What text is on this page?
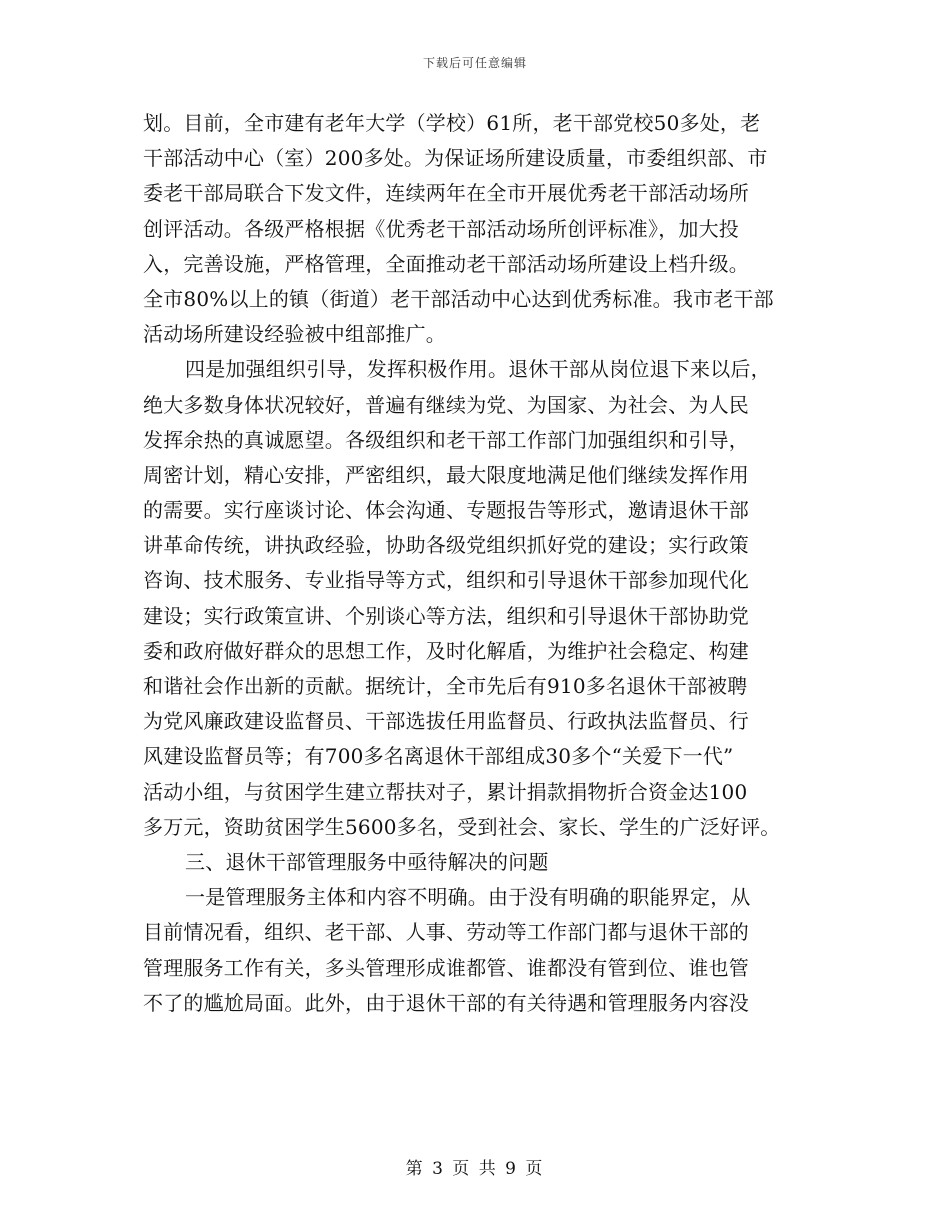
下载后可任意编辑
划。目前，全市建有老年大学（学校）61所，老干部党校50多处，老
干部活动中心（室）200多处。为保证场所建设质量，市委组织部、市
委老干部局联合下发文件，连续两年在全市开展优秀老干部活动场所
创评活动。各级严格根据《优秀老干部活动场所创评标准》，加大投
入，完善设施，严格管理，全面推动老干部活动场所建设上档升级。
全市80%以上的镇（街道）老干部活动中心达到优秀标准。我市老干部
活动场所建设经验被中组部推广。
四是加强组织引导，发挥积极作用。退休干部从岗位退下来以后，
绝大多数身体状况较好，普遍有继续为党、为国家、为社会、为人民
发挥余热的真诚愿望。各级组织和老干部工作部门加强组织和引导，
周密计划，精心安排，严密组织，最大限度地满足他们继续发挥作用
的需要。实行座谈讨论、体会沟通、专题报告等形式，邀请退休干部
讲革命传统，讲执政经验，协助各级党组织抓好党的建设；实行政策
咨询、技术服务、专业指导等方式，组织和引导退休干部参加现代化
建设；实行政策宣讲、个别谈心等方法，组织和引导退休干部协助党
委和政府做好群众的思想工作，及时化解盾，为维护社会稳定、构建
和谐社会作出新的贡献。据统计，全市先后有910多名退休干部被聘
为党风廉政建设监督员、干部选拔任用监督员、行政执法监督员、行
风建设监督员等；有700多名离退休干部组成30多个“关爱下一代”
活动小组，与贫困学生建立帮扶对子，累计捐款捐物折合资金达100
多万元，资助贫困学生5600多名，受到社会、家长、学生的广泛好评。
三、退休干部管理服务中亟待解决的问题
一是管理服务主体和内容不明确。由于没有明确的职能界定，从
目前情况看，组织、老干部、人事、劳动等工作部门都与退休干部的
管理服务工作有关，多头管理形成谁都管、谁都没有管到位、谁也管
不了的尴尬局面。此外，由于退休干部的有关待遇和管理服务内容没
第 3 页 共 9 页
